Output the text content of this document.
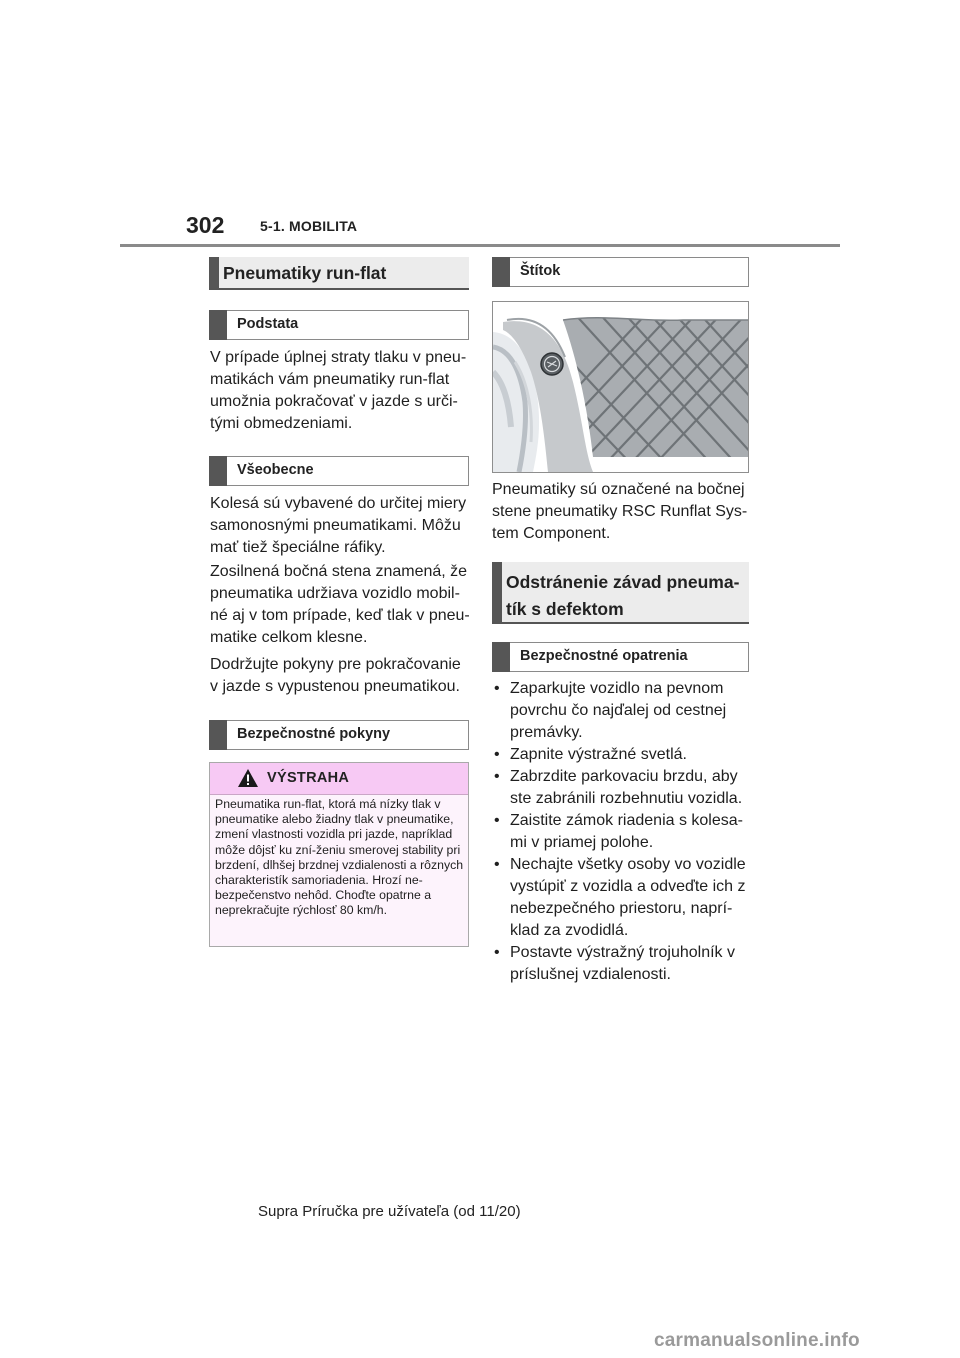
302	5-1. MOBILITA
Pneumatiky run-flat
Podstata

V prípade úplnej straty tlaku v pneu-matikách vám pneumatiky run-flat umožnia pokračovať v jazde s urči-tými obmedzeniami.

Všeobecne

Kolesá sú vybavené do určitej miery samonosnými pneumatikami. Môžu mať tiež špeciálne ráfiky.

Zosilnená bočná stena znamená, že pneumatika udržiava vozidlo mobil-né aj v tom prípade, keď tlak v pneu-matike celkom klesne.

Dodržujte pokyny pre pokračovanie v jazde s vypustenou pneumatikou.

Bezpečnostné pokyny
VÝSTRAHA

Pneumatika run-flat, ktorá má nízky tlak v pneumatike alebo žiadny tlak v pneumatike, zmení vlastnosti vozidla pri jazde, napríklad môže dôjsť ku zní-ženiu smerovej stability pri brzdení, dlhšej brzdnej vzdialenosti a rôznych charakteristík samoriadenia. Hrozí ne-bezpečenstvo nehôd. Choďte opatrne a neprekračujte rýchlosť 80 km/h.

Štítok

Pneumatiky sú označené na bočnej stene pneumatiky RSC Runflat Sys-tem Component.

Odstránenie závad pneuma-tík s defektom
Bezpečnostné opatrenia
• Zaparkujte vozidlo na pevnom povrchu čo najďalej od cestnej premávky.
• Zapnite výstražné svetlá.
• Zabrzdite parkovaciu brzdu, aby ste zabránili rozbehnutiu vozidla.
• Zaistite zámok riadenia s kolesa-mi v priamej polohe.
• Nechajte všetky osoby vo vozidle vystúpiť z vozidla a odveďte ich z nebezpečného priestoru, naprí-klad za zvodidlá.
• Postavte výstražný trojuholník v príslušnej vzdialenosti.
Supra Príručka pre užívateľa (od 11/20)
carmanualsonline.info
